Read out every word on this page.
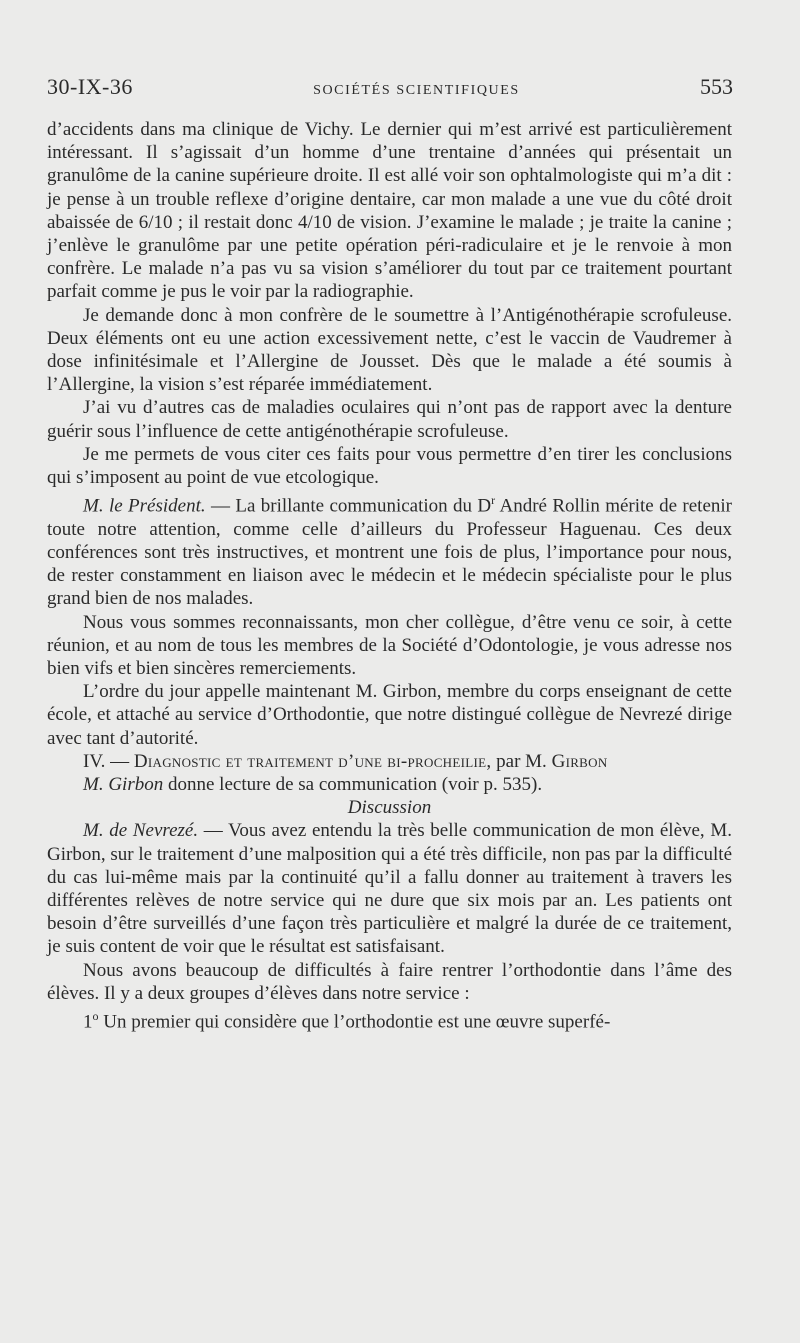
30-IX-36	SOCIÉTÉS SCIENTIFIQUES	553

d’accidents dans ma clinique de Vichy. Le dernier qui m’est arrivé est particulièrement intéressant. Il s’agissait d’un homme d’une trentaine d’années qui présentait un granulôme de la canine supérieure droite. Il est allé voir son ophtalmologiste qui m’a dit : je pense à un trouble reflexe d’origine dentaire, car mon malade a une vue du côté droit abaissée de 6/10 ; il restait donc 4/10 de vision. J’examine le malade ; je traite la canine ; j’enlève le granulôme par une petite opération péri-radiculaire et je le renvoie à mon confrère. Le malade n’a pas vu sa vision s’améliorer du tout par ce traitement pourtant parfait comme je pus le voir par la radiographie.

Je demande donc à mon confrère de le soumettre à l’Antigénothérapie scrofuleuse. Deux éléments ont eu une action excessivement nette, c’est le vaccin de Vaudremer à dose infinitésimale et l’Allergine de Jousset. Dès que le malade a été soumis à l’Allergine, la vision s’est réparée immédiatement.

J’ai vu d’autres cas de maladies oculaires qui n’ont pas de rapport avec la denture guérir sous l’influence de cette antigénothérapie scrofuleuse.

Je me permets de vous citer ces faits pour vous permettre d’en tirer les conclusions qui s’imposent au point de vue etcologique.

M. le Président. — La brillante communication du $D^r$ André Rollin mérite de retenir toute notre attention, comme celle d’ailleurs du Professeur Haguenau. Ces deux conférences sont très instructives, et montrent une fois de plus, l’importance pour nous, de rester constamment en liaison avec le médecin et le médecin spécialiste pour le plus grand bien de nos malades.

Nous vous sommes reconnaissants, mon cher collègue, d’être venu ce soir, à cette réunion, et au nom de tous les membres de la Société d’Odontologie, je vous adresse nos bien vifs et bien sincères remerciements.

L’ordre du jour appelle maintenant M. Girbon, membre du corps enseignant de cette école, et attaché au service d’Orthodontie, que notre distingué collègue de Nevrezé dirige avec tant d’autorité.

IV. — Diagnostic et traitement d’une bi-procheilie, par M. Girbon

M. Girbon donne lecture de sa communication (voir p. 535).

Discussion

M. de Nevrezé. — Vous avez entendu la très belle communication de mon élève, M. Girbon, sur le traitement d’une malposition qui a été très difficile, non pas par la difficulté du cas lui-même mais par la continuité qu’il a fallu donner au traitement à travers les différentes relèves de notre service qui ne dure que six mois par an. Les patients ont besoin d’être surveillés d’une façon très particulière et malgré la durée de ce traitement, je suis content de voir que le résultat est satisfaisant.

Nous avons beaucoup de difficultés à faire rentrer l’orthodontie dans l’âme des élèves. Il y a deux groupes d’élèves dans notre service :

1$^o$ Un premier qui considère que l’orthodontie est une œuvre superfé-
